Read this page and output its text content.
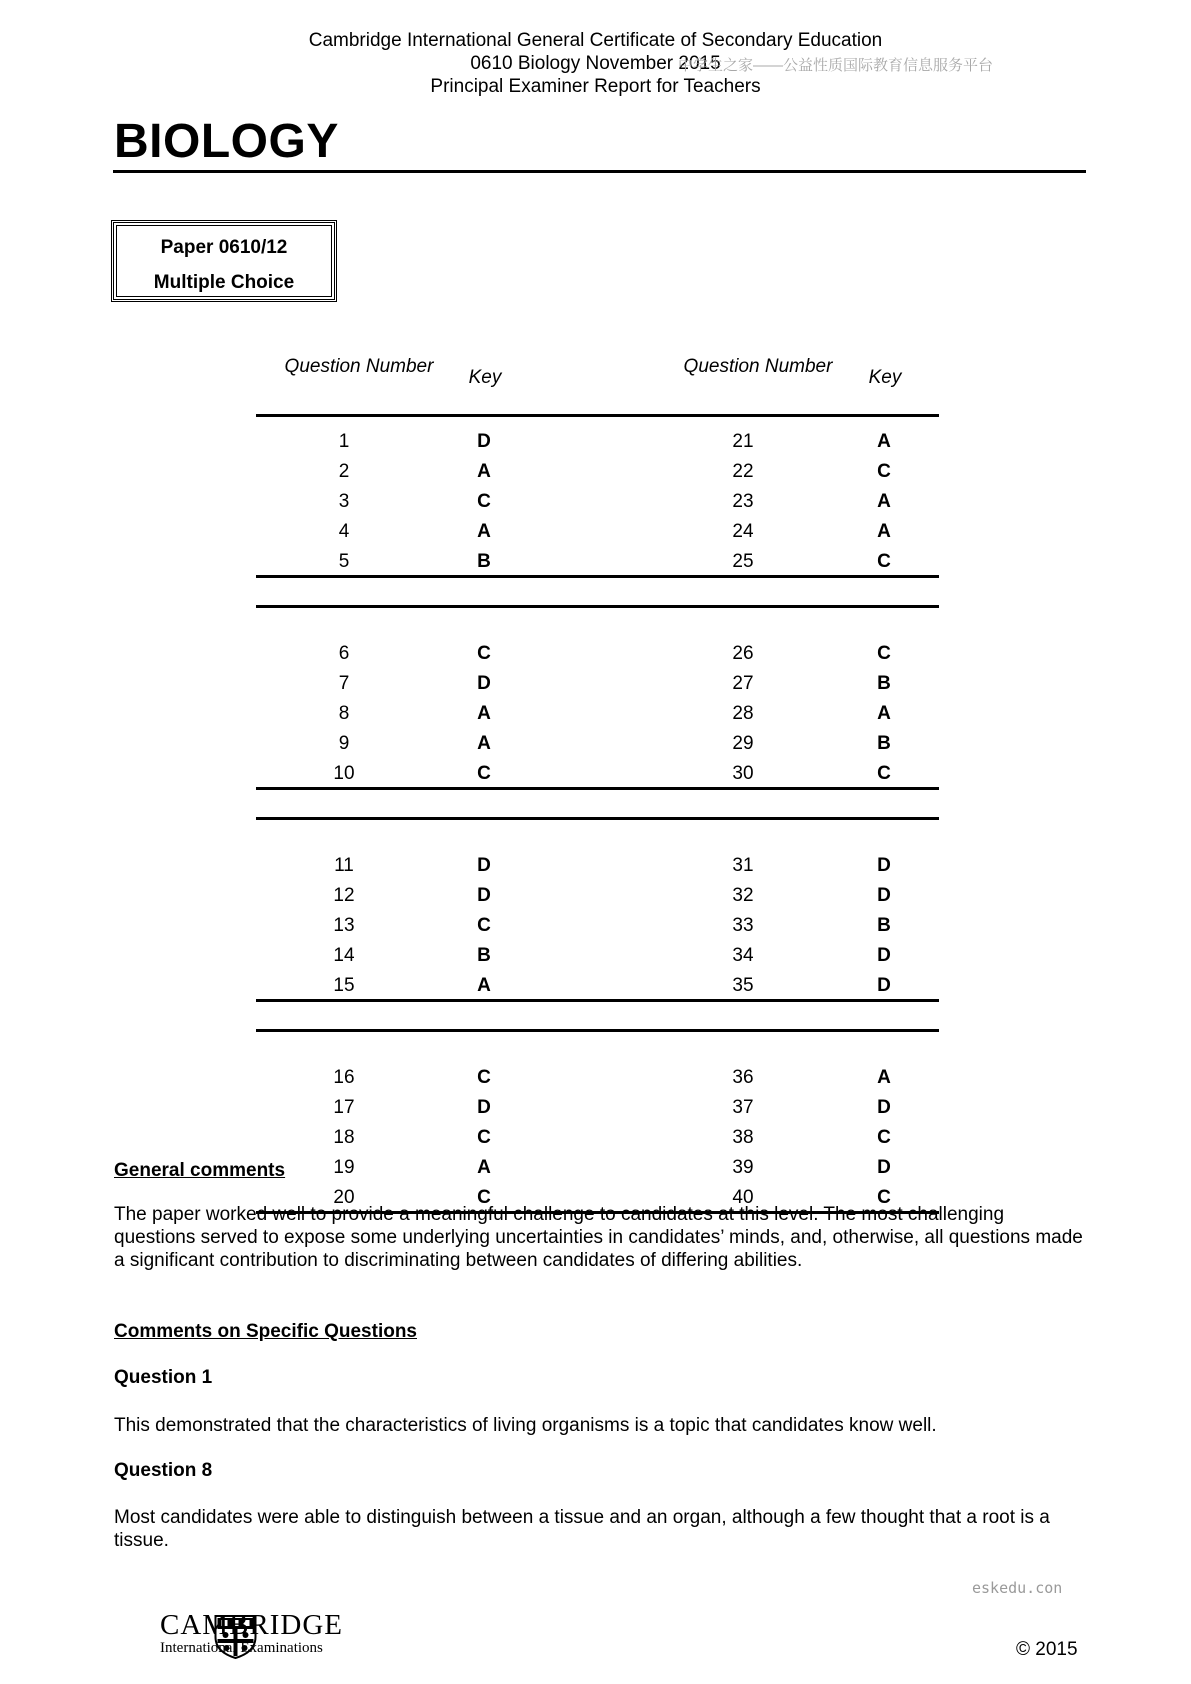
Cambridge International General Certificate of Secondary Education
0610 Biology November 2015
Principal Examiner Report for Teachers
中学生之家——公益性质国际教育信息服务平台
BIOLOGY
Paper 0610/12
Multiple Choice
Question Number
Key
Question Number
Key
1	D	21	A
2	A	22	C
3	C	23	A
4	A	24	A
5	B	25	C
6	C	26	C
7	D	27	B
8	A	28	A
9	A	29	B
10	C	30	C
11	D	31	D
12	D	32	D
13	C	33	B
14	B	34	D
15	A	35	D
16	C	36	A
17	D	37	D
18	C	38	C
19	A	39	D
20	C	40	C
General comments
The paper worked well to provide a meaningful challenge to candidates at this level. The most challenging questions served to expose some underlying uncertainties in candidates’ minds, and, otherwise, all questions made a significant contribution to discriminating between candidates of differing abilities.
Comments on Specific Questions
Question 1
This demonstrated that the characteristics of living organisms is a topic that candidates know well.
Question 8
Most candidates were able to distinguish between a tissue and an organ, although a few thought that a root is a tissue.
eskedu.con
CAMBRIDGE
International Examinations	© 2015
